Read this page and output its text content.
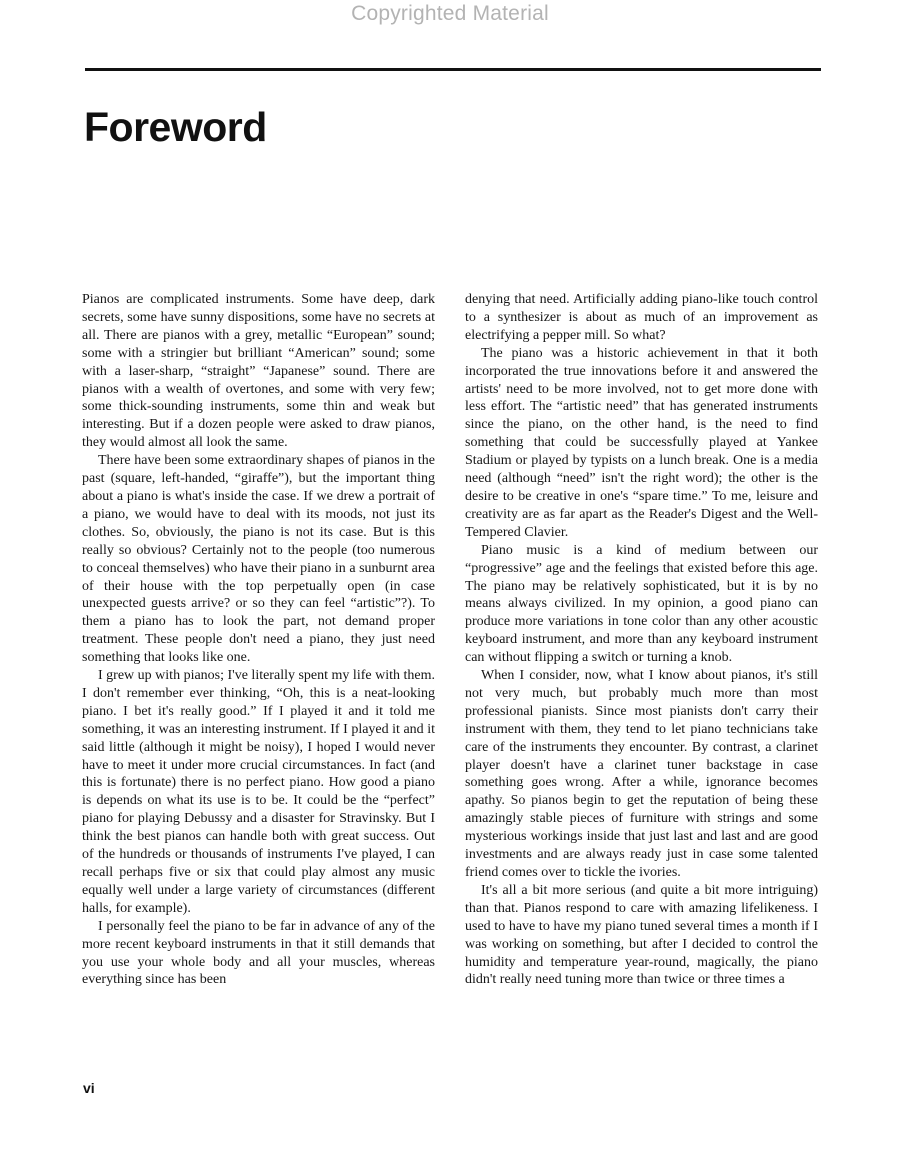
Copyrighted Material
Foreword

Pianos are complicated instruments. Some have deep, dark secrets, some have sunny dispositions, some have no secrets at all. There are pianos with a grey, metallic “European” sound; some with a stringier but brilliant “American” sound; some with a laser-sharp, “straight” “Japanese” sound. There are pianos with a wealth of overtones, and some with very few; some thick-sounding instruments, some thin and weak but interesting. But if a dozen people were asked to draw pianos, they would almost all look the same.

There have been some extraordinary shapes of pianos in the past (square, left-handed, “giraffe”), but the important thing about a piano is what's inside the case. If we drew a portrait of a piano, we would have to deal with its moods, not just its clothes. So, obviously, the piano is not its case. But is this really so obvious? Certainly not to the people (too numerous to conceal themselves) who have their piano in a sunburnt area of their house with the top perpetually open (in case unexpected guests arrive? or so they can feel “artistic”?). To them a piano has to look the part, not demand proper treatment. These people don't need a piano, they just need something that looks like one.

I grew up with pianos; I've literally spent my life with them. I don't remember ever thinking, “Oh, this is a neat-looking piano. I bet it's really good.” If I played it and it told me something, it was an interesting instrument. If I played it and it said little (although it might be noisy), I hoped I would never have to meet it under more crucial circumstances. In fact (and this is fortunate) there is no perfect piano. How good a piano is depends on what its use is to be. It could be the “perfect” piano for playing Debussy and a disaster for Stravinsky. But I think the best pianos can handle both with great success. Out of the hundreds or thousands of instruments I've played, I can recall perhaps five or six that could play almost any music equally well under a large variety of circumstances (different halls, for example).

I personally feel the piano to be far in advance of any of the more recent keyboard instruments in that it still demands that you use your whole body and all your muscles, whereas everything since has been

denying that need. Artificially adding piano-like touch control to a synthesizer is about as much of an improvement as electrifying a pepper mill. So what?

The piano was a historic achievement in that it both incorporated the true innovations before it and answered the artists' need to be more involved, not to get more done with less effort. The “artistic need” that has generated instruments since the piano, on the other hand, is the need to find something that could be successfully played at Yankee Stadium or played by typists on a lunch break. One is a media need (although “need” isn't the right word); the other is the desire to be creative in one's “spare time.” To me, leisure and creativity are as far apart as the Reader's Digest and the Well-Tempered Clavier.

Piano music is a kind of medium between our “progressive” age and the feelings that existed before this age. The piano may be relatively sophisticated, but it is by no means always civilized. In my opinion, a good piano can produce more variations in tone color than any other acoustic keyboard instrument, and more than any keyboard instrument can without flipping a switch or turning a knob.

When I consider, now, what I know about pianos, it's still not very much, but probably much more than most professional pianists. Since most pianists don't carry their instrument with them, they tend to let piano technicians take care of the instruments they encounter. By contrast, a clarinet player doesn't have a clarinet tuner backstage in case something goes wrong. After a while, ignorance becomes apathy. So pianos begin to get the reputation of being these amazingly stable pieces of furniture with strings and some mysterious workings inside that just last and last and are good investments and are always ready just in case some talented friend comes over to tickle the ivories.

It's all a bit more serious (and quite a bit more intriguing) than that. Pianos respond to care with amazing lifelikeness. I used to have to have my piano tuned several times a month if I was working on something, but after I decided to control the humidity and temperature year-round, magically, the piano didn't really need tuning more than twice or three times a

vi
